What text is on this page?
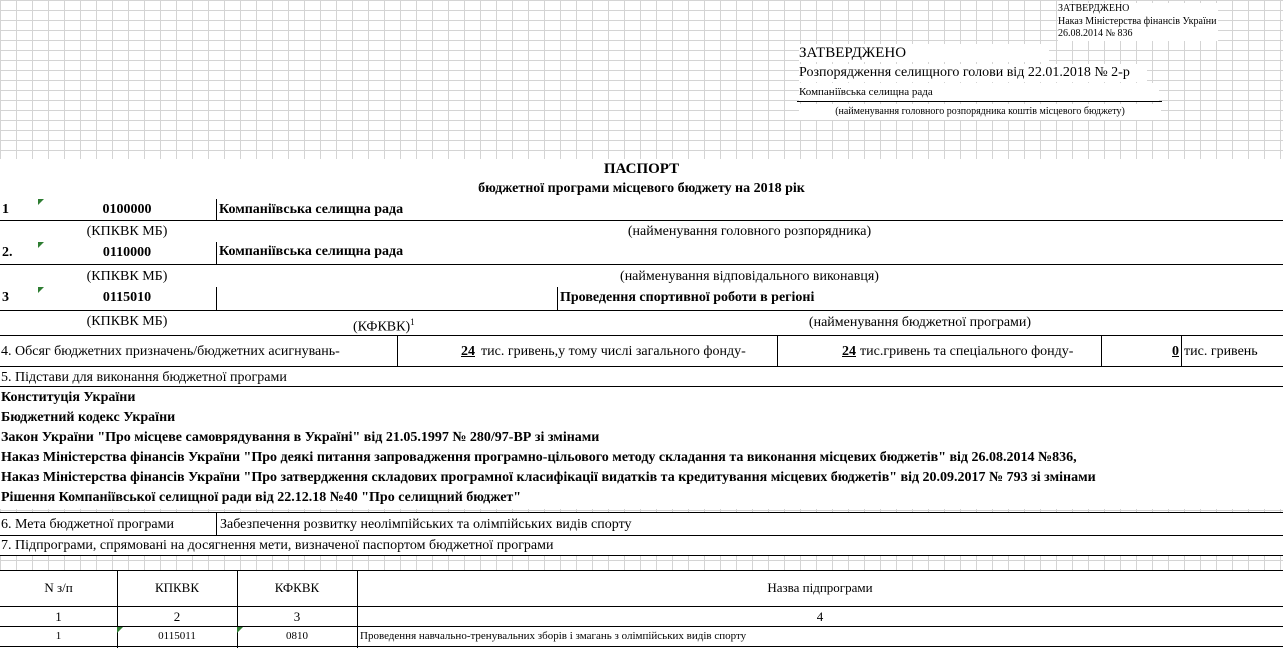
ЗАТВЕРДЖЕНО
Наказ Міністерства фінансів України
26.08.2014 № 836
ЗАТВЕРДЖЕНО
Розпорядження селищного голови від 22.01.2018 № 2-р
Компаніївська селищна рада
(найменування головного розпорядника коштів місцевого бюджету)
ПАСПОРТ
бюджетної програми місцевого бюджету на 2018 рік
1	0100000	Компаніївська селищна рада
(КПКВК МБ)	(найменування головного розпорядника)
2.	0110000	Компаніївська селищна рада
(КПКВК МБ)	(найменування відповідального виконавця)
3	0115010	Проведення спортивної роботи в регіоні
(КПКВК МБ)	(КФКВК)$^1$	(найменування бюджетної програми)
4. Обсяг бюджетних призначень/бюджетних асигнувань-	24 тис. гривень,у тому числі загального фонду-	24 тис.гривень та спеціального фонду-	0 тис. гривень
5. Підстави для виконання бюджетної програми
Конституція України
Бюджетний кодекс України
Закон України "Про місцеве самоврядування в Україні" від 21.05.1997 № 280/97-ВР зі змінами
Наказ Міністерства фінансів України "Про деякі питання запровадження програмно-цільового методу складання та виконання місцевих бюджетів" від 26.08.2014 №836,
Наказ Міністерства фінансів України "Про затвердження складових програмної класифікації видатків та кредитування місцевих бюджетів" від 20.09.2017 № 793 зі змінами
Рішення Компаніївської селищної ради від 22.12.18 №40 "Про селищний бюджет"
6. Мета бюджетної програми	Забезпечення розвитку неолімпійських та олімпійських видів спорту
7. Підпрограми, спрямовані на досягнення мети, визначеної паспортом бюджетної програми
N з/п	КПКВК	КФКВК	Назва підпрограми
1	2	3	4
1	0115011	0810	Проведення навчально-тренувальних зборів і змагань з олімпійських видів спорту
